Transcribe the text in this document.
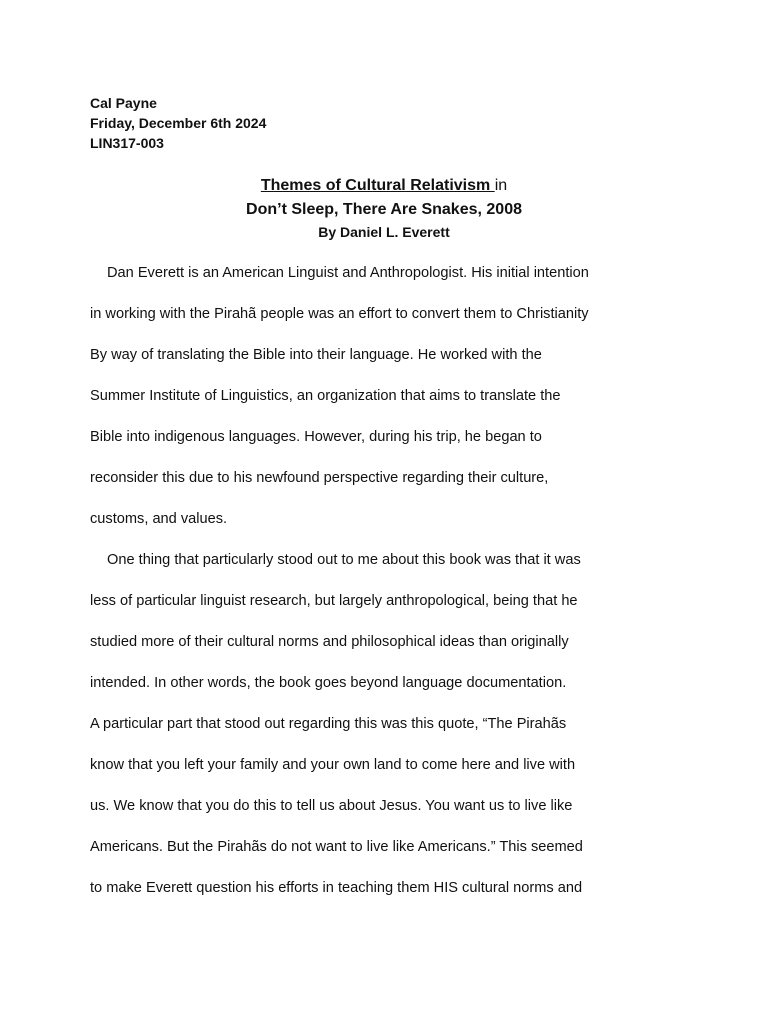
Cal Payne
Friday, December 6th 2024
LIN317-003
Themes of Cultural Relativism in
Don’t Sleep, There Are Snakes, 2008
By Daniel L. Everett
Dan Everett is an American Linguist and Anthropologist. His initial intention
in working with the Pirahã people was an effort to convert them to Christianity
By way of translating the Bible into their language. He worked with the
Summer Institute of Linguistics, an organization that aims to translate the
Bible into indigenous languages. However, during his trip, he began to
reconsider this due to his newfound perspective regarding their culture,
customs, and values.
One thing that particularly stood out to me about this book was that it was
less of particular linguist research, but largely anthropological, being that he
studied more of their cultural norms and philosophical ideas than originally
intended. In other words, the book goes beyond language documentation.
A particular part that stood out regarding this was this quote, “The Pirahãs
know that you left your family and your own land to come here and live with
us. We know that you do this to tell us about Jesus. You want us to live like
Americans. But the Pirahãs do not want to live like Americans.” This seemed
to make Everett question his efforts in teaching them HIS cultural norms and
